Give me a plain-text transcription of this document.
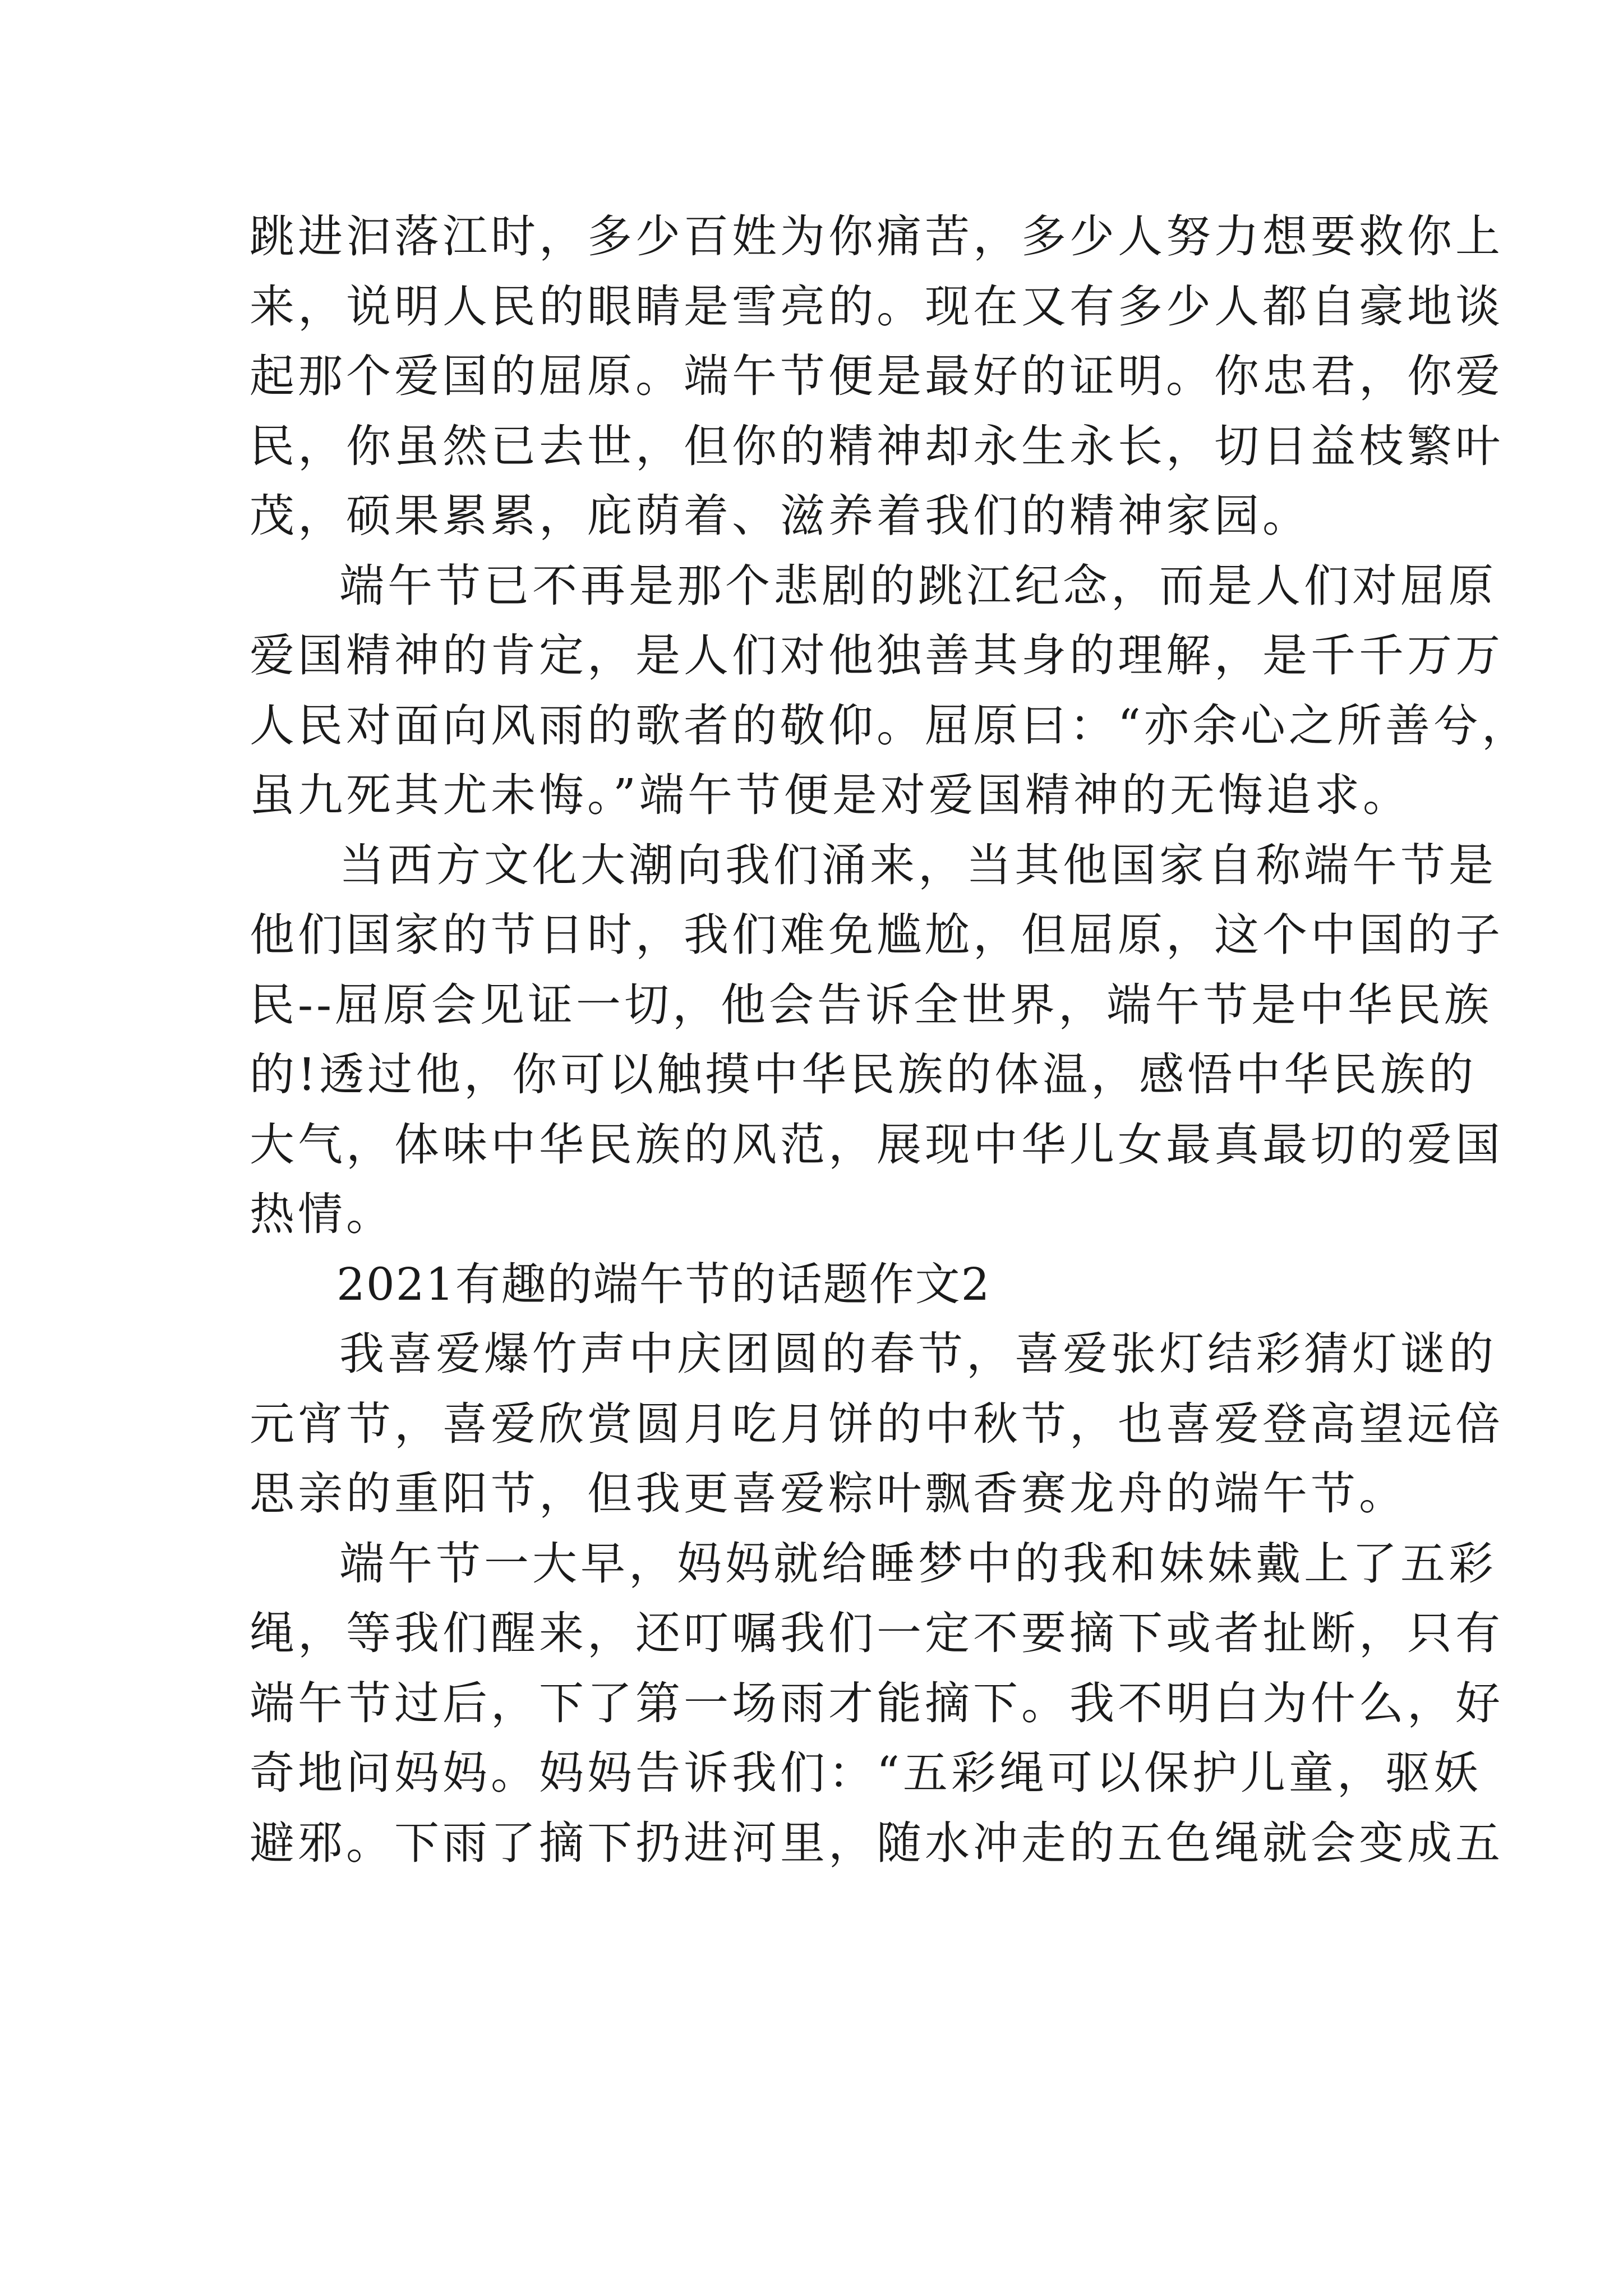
跳进汩落江时，多少百姓为你痛苦，多少人努力想要救你上
来，说明人民的眼睛是雪亮的。现在又有多少人都自豪地谈
起那个爱国的屈原。端午节便是最好的证明。你忠君，你爱
民，你虽然已去世，但你的精神却永生永长，切日益枝繁叶
茂，硕果累累，庇荫着、滋养着我们的精神家园。
端午节已不再是那个悲剧的跳江纪念，而是人们对屈原
爱国精神的肯定，是人们对他独善其身的理解，是千千万万
人民对面向风雨的歌者的敬仰。屈原曰：“亦余心之所善兮，
虽九死其尤未悔。”端午节便是对爱国精神的无悔追求。
当西方文化大潮向我们涌来，当其他国家自称端午节是
他们国家的节日时，我们难免尴尬，但屈原，这个中国的子
民--屈原会见证一切，他会告诉全世界，端午节是中华民族
的!透过他，你可以触摸中华民族的体温，感悟中华民族的
大气，体味中华民族的风范，展现中华儿女最真最切的爱国
热情。
2021有趣的端午节的话题作文2
我喜爱爆竹声中庆团圆的春节，喜爱张灯结彩猜灯谜的
元宵节，喜爱欣赏圆月吃月饼的中秋节，也喜爱登高望远倍
思亲的重阳节，但我更喜爱粽叶飘香赛龙舟的端午节。
端午节一大早，妈妈就给睡梦中的我和妹妹戴上了五彩
绳，等我们醒来，还叮嘱我们一定不要摘下或者扯断，只有
端午节过后，下了第一场雨才能摘下。我不明白为什么，好
奇地问妈妈。妈妈告诉我们：“五彩绳可以保护儿童，驱妖
避邪。下雨了摘下扔进河里，随水冲走的五色绳就会变成五
